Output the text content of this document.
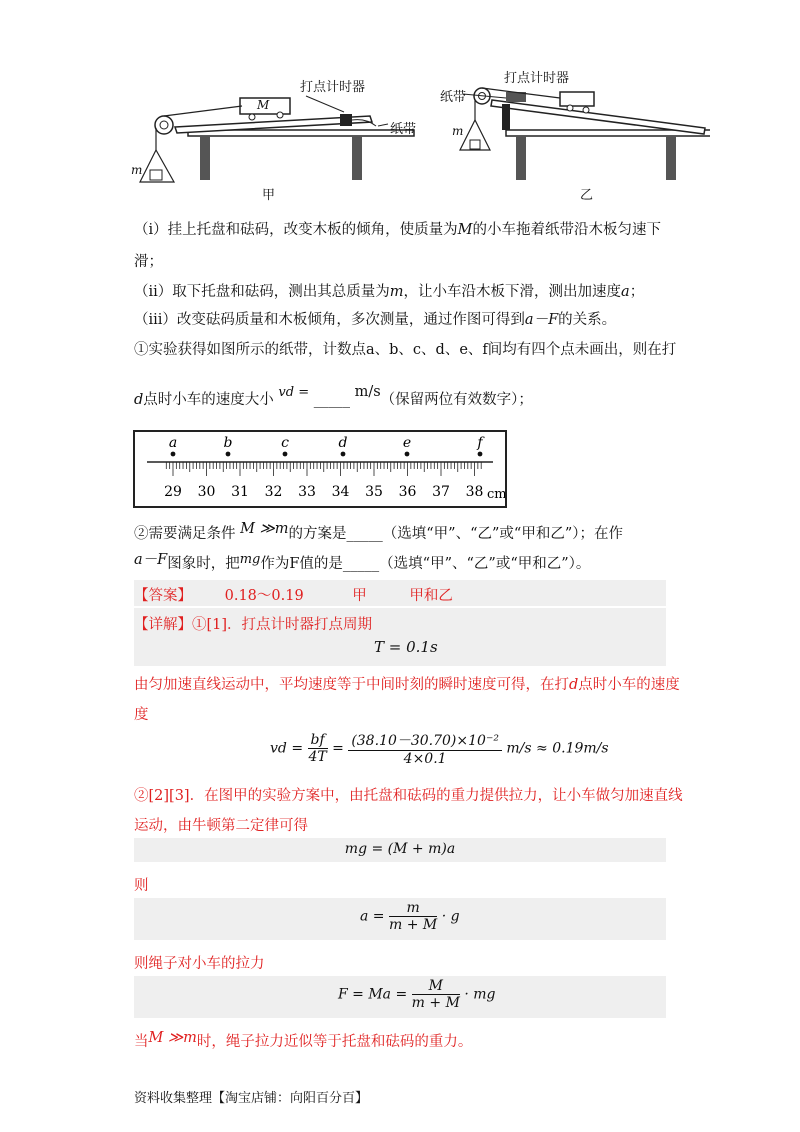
打点计时器
打点计时器
纸带
纸带
M
m
m
甲	乙
（ⅰ）挂上托盘和砝码，改变木板的倾角，使质量为M的小车拖着纸带沿木板匀速下
滑；
（ⅱ）取下托盘和砝码，测出其总质量为m，让小车沿木板下滑，测出加速度a；
（ⅲ）改变砝码质量和木板倾角，多次测量，通过作图可得到a－F的关系。
①实验获得如图所示的纸带，计数点a、b、c、d、e、f间均有四个点未画出，则在打
d点时小车的速度大小 vd = _____ m/s（保留两位有效数字）；
29 30 31 32 33 34 35 36 37 38 cm
a	b	c	d	e	f
②需要满足条件 M ≫m的方案是_____（选填“甲”、“乙”或“甲和乙”）；在作
a－F图象时，把mg作为F值的是_____（选填“甲”、“乙”或“甲和乙”）。
【答案】 0.18～0.19	甲	甲和乙
【详解】①[1]．打点计时器打点周期
T = 0.1s
由匀加速直线运动中，平均速度等于中间时刻的瞬时速度可得，在打d点时小车的速度
度
vd = $\frac{bf}{4T} = \frac{\text{(38.10－30.70)×10⁻²}}{4\times 0.1} m/s \approx 0.19m/s$
②[2][3]．在图甲的实验方案中，由托盘和砝码的重力提供拉力，让小车做匀加速直线
运动，由牛顿第二定律可得
mg = (M + m)a
则
$a = \frac{m}{m + M} \cdot g$
则绳子对小车的拉力
$F = Ma = \frac{M}{m + M}$ · mg
当M ≫m时，绳子拉力近似等于托盘和砝码的重力。
资料收集整理【淘宝店铺：向阳百分百】
